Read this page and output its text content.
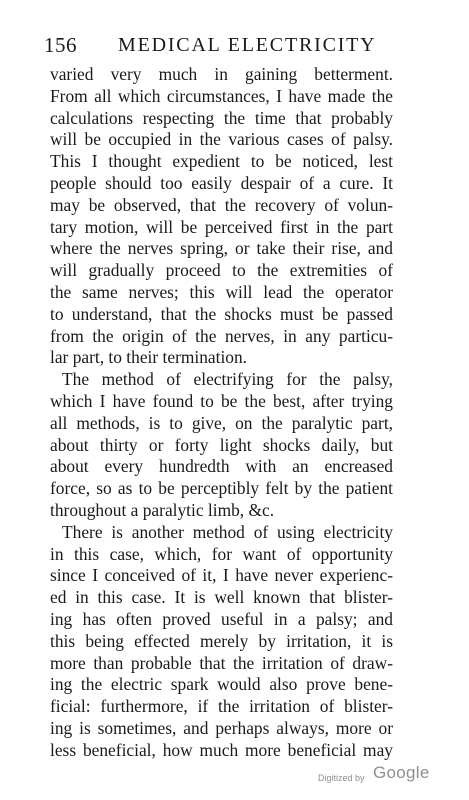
156 MEDICAL ELECTRICITY
varied very much in gaining betterment.
From all which circumstances, I have made the
calculations respecting the time that probably
will be occupied in the various cases of palsy.
This I thought expedient to be noticed, lest
people should too easily despair of a cure. It
may be observed, that the recovery of volun-
tary motion, will be perceived first in the part
where the nerves spring, or take their rise, and
will gradually proceed to the extremities of
the same nerves; this will lead the operator
to understand, that the shocks must be passed
from the origin of the nerves, in any particu-
lar part, to their termination.
The method of electrifying for the palsy,
which I have found to be the best, after trying
all methods, is to give, on the paralytic part,
about thirty or forty light shocks daily, but
about every hundredth with an encreased
force, so as to be perceptibly felt by the patient
throughout a paralytic limb, &c.
There is another method of using electricity
in this case, which, for want of opportunity
since I conceived of it, I have never experienc-
ed in this case. It is well known that blister-
ing has often proved useful in a palsy; and
this being effected merely by irritation, it is
more than probable that the irritation of draw-
ing the electric spark would also prove bene-
ficial: furthermore, if the irritation of blister-
ing is sometimes, and perhaps always, more or
less beneficial, how much more beneficial may
Digitized by Google
